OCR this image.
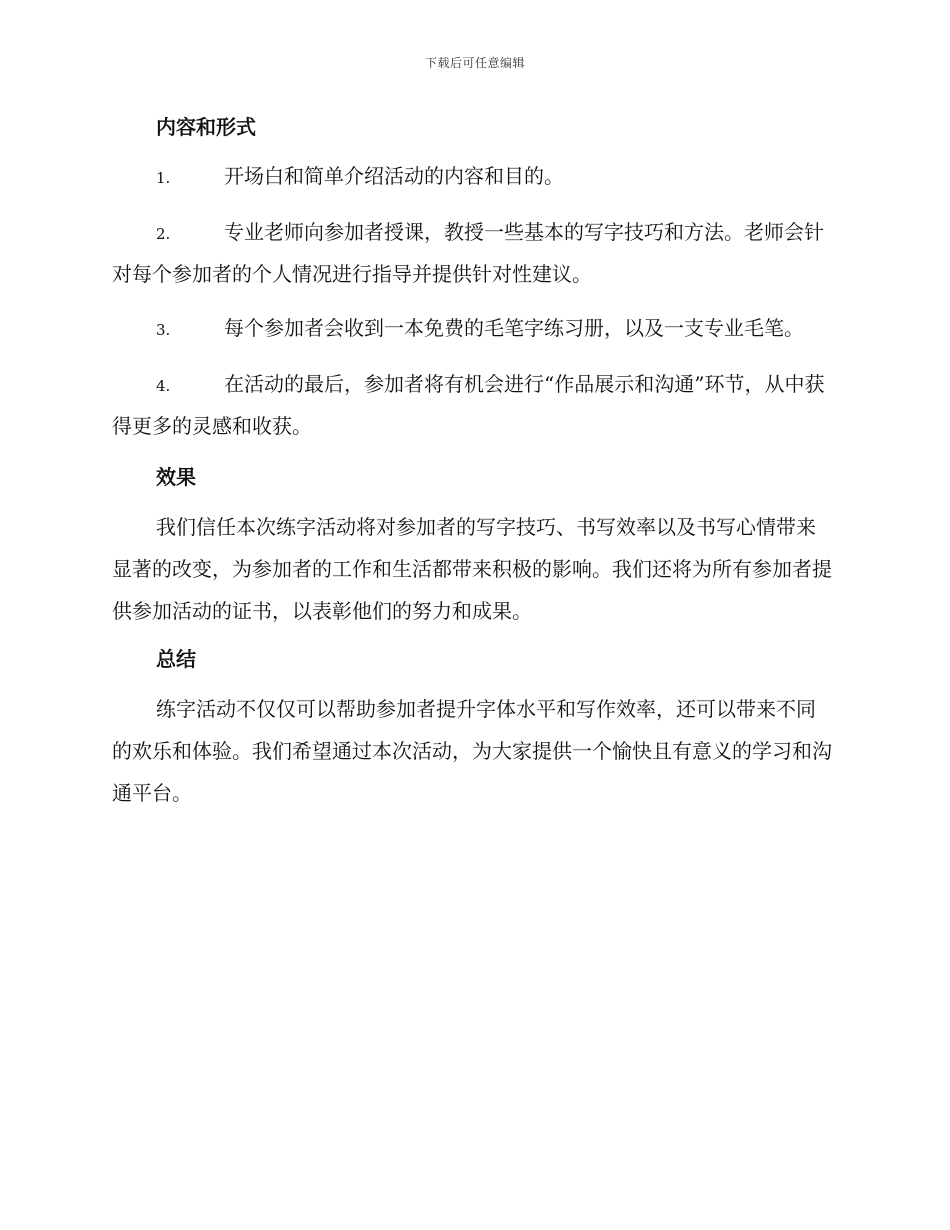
下载后可任意编辑
内容和形式

1.	开场白和简单介绍活动的内容和目的。

2.	专业老师向参加者授课，教授一些基本的写字技巧和方法。老师会针对每个参加者的个人情况进行指导并提供针对性建议。

3.	每个参加者会收到一本免费的毛笔字练习册，以及一支专业毛笔。

4.	在活动的最后，参加者将有机会进行“作品展示和沟通”环节，从中获得更多的灵感和收获。

效果

我们信任本次练字活动将对参加者的写字技巧、书写效率以及书写心情带来显著的改变，为参加者的工作和生活都带来积极的影响。我们还将为所有参加者提供参加活动的证书，以表彰他们的努力和成果。

总结

练字活动不仅仅可以帮助参加者提升字体水平和写作效率，还可以带来不同的欢乐和体验。我们希望通过本次活动，为大家提供一个愉快且有意义的学习和沟通平台。
